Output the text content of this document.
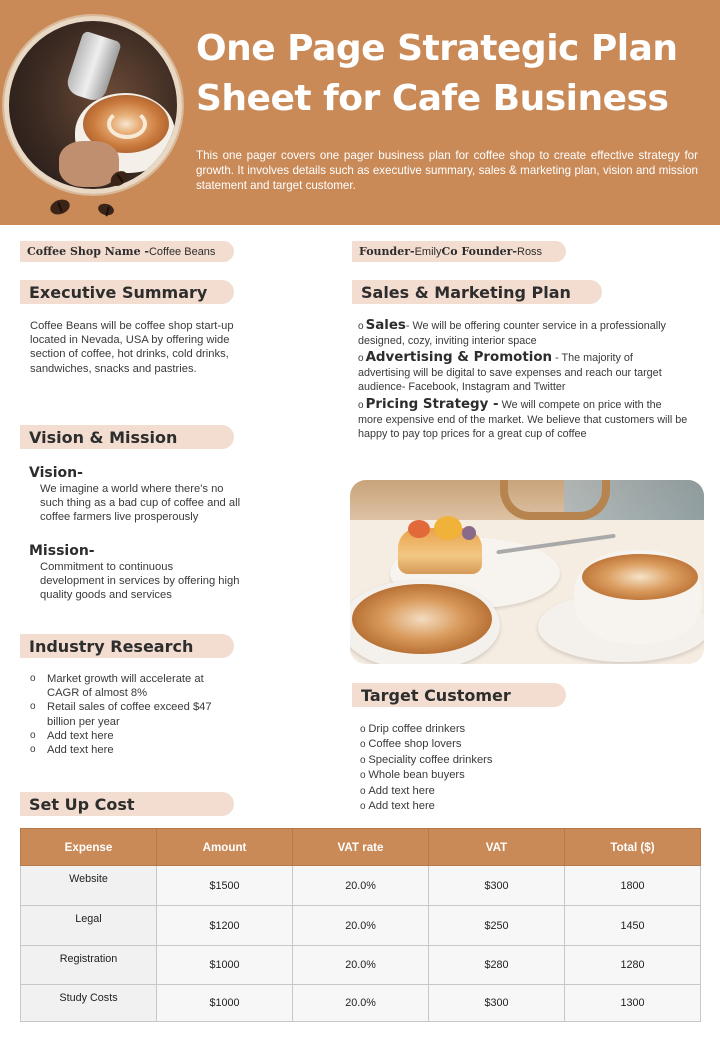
One Page Strategic Plan
Sheet for Cafe Business
This one pager covers one pager business plan for coffee shop to create effective strategy for growth. It involves details such as executive summary, sales & marketing plan, vision and mission statement and target customer.
Coffee Shop Name - Coffee Beans	Founder- Emily Co Founder- Ross
Executive Summary
Coffee Beans will be coffee shop start-up located in Nevada, USA by offering wide section of coffee, hot drinks, cold drinks, sandwiches, snacks and pastries.
Vision & Mission
Vision-
We imagine a world where there's no such thing as a bad cup of coffee and all coffee farmers live prosperously
Mission-
Commitment to continuous development in services by offering high quality goods and services
Industry Research
o Market growth will accelerate at CAGR of almost 8%
o Retail sales of coffee exceed $47 billion per year
o Add text here
o Add text here
Set Up Cost
Sales & Marketing Plan
o Sales- We will be offering counter service in a professionally designed, cozy, inviting interior space
o Advertising & Promotion - The majority of advertising will be digital to save expenses and reach our target audience- Facebook, Instagram and Twitter
o Pricing Strategy - We will compete on price with the more expensive end of the market. We believe that customers will be happy to pay top prices for a great cup of coffee
Target Customer
o Drip coffee drinkers
o Coffee shop lovers
o Speciality coffee drinkers
o Whole bean buyers
o Add text here
o Add text here
Expense	Amount	VAT rate	VAT	Total ($)
Website	$1500	20.0%	$300	1800
Legal	$1200	20.0%	$250	1450
Registration	$1000	20.0%	$280	1280
Study Costs	$1000	20.0%	$300	1300
